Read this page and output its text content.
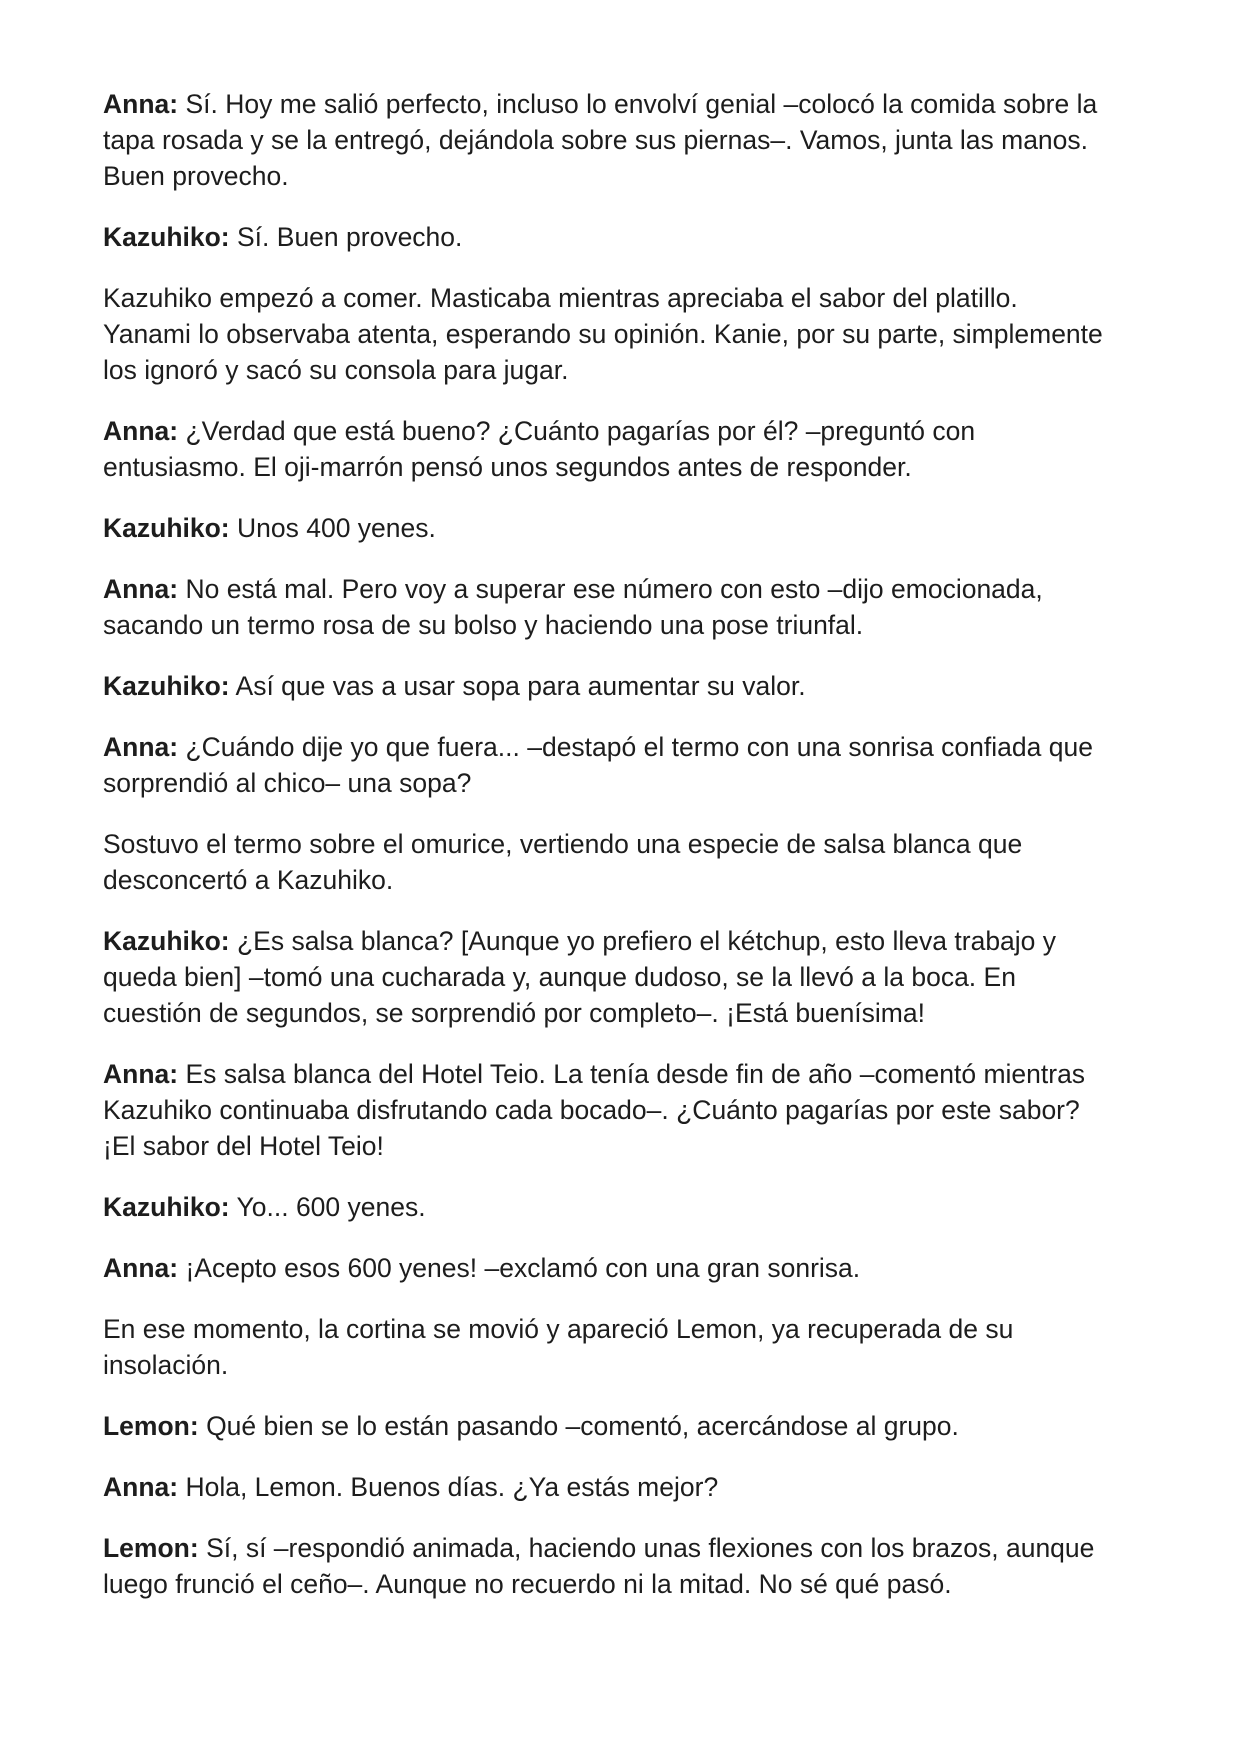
Anna: Sí. Hoy me salió perfecto, incluso lo envolví genial –colocó la comida sobre la tapa rosada y se la entregó, dejándola sobre sus piernas–. Vamos, junta las manos. Buen provecho.

Kazuhiko: Sí. Buen provecho.

Kazuhiko empezó a comer. Masticaba mientras apreciaba el sabor del platillo. Yanami lo observaba atenta, esperando su opinión. Kanie, por su parte, simplemente los ignoró y sacó su consola para jugar.

Anna: ¿Verdad que está bueno? ¿Cuánto pagarías por él? –preguntó con entusiasmo. El oji-marrón pensó unos segundos antes de responder.

Kazuhiko: Unos 400 yenes.

Anna: No está mal. Pero voy a superar ese número con esto –dijo emocionada, sacando un termo rosa de su bolso y haciendo una pose triunfal.

Kazuhiko: Así que vas a usar sopa para aumentar su valor.

Anna: ¿Cuándo dije yo que fuera... –destapó el termo con una sonrisa confiada que sorprendió al chico– una sopa?

Sostuvo el termo sobre el omurice, vertiendo una especie de salsa blanca que desconcertó a Kazuhiko.

Kazuhiko: ¿Es salsa blanca? [Aunque yo prefiero el kétchup, esto lleva trabajo y queda bien] –tomó una cucharada y, aunque dudoso, se la llevó a la boca. En cuestión de segundos, se sorprendió por completo–. ¡Está buenísima!

Anna: Es salsa blanca del Hotel Teio. La tenía desde fin de año –comentó mientras Kazuhiko continuaba disfrutando cada bocado–. ¿Cuánto pagarías por este sabor? ¡El sabor del Hotel Teio!

Kazuhiko: Yo... 600 yenes.

Anna: ¡Acepto esos 600 yenes! –exclamó con una gran sonrisa.

En ese momento, la cortina se movió y apareció Lemon, ya recuperada de su insolación.

Lemon: Qué bien se lo están pasando –comentó, acercándose al grupo.

Anna: Hola, Lemon. Buenos días. ¿Ya estás mejor?

Lemon: Sí, sí –respondió animada, haciendo unas flexiones con los brazos, aunque luego frunció el ceño–. Aunque no recuerdo ni la mitad. No sé qué pasó.
